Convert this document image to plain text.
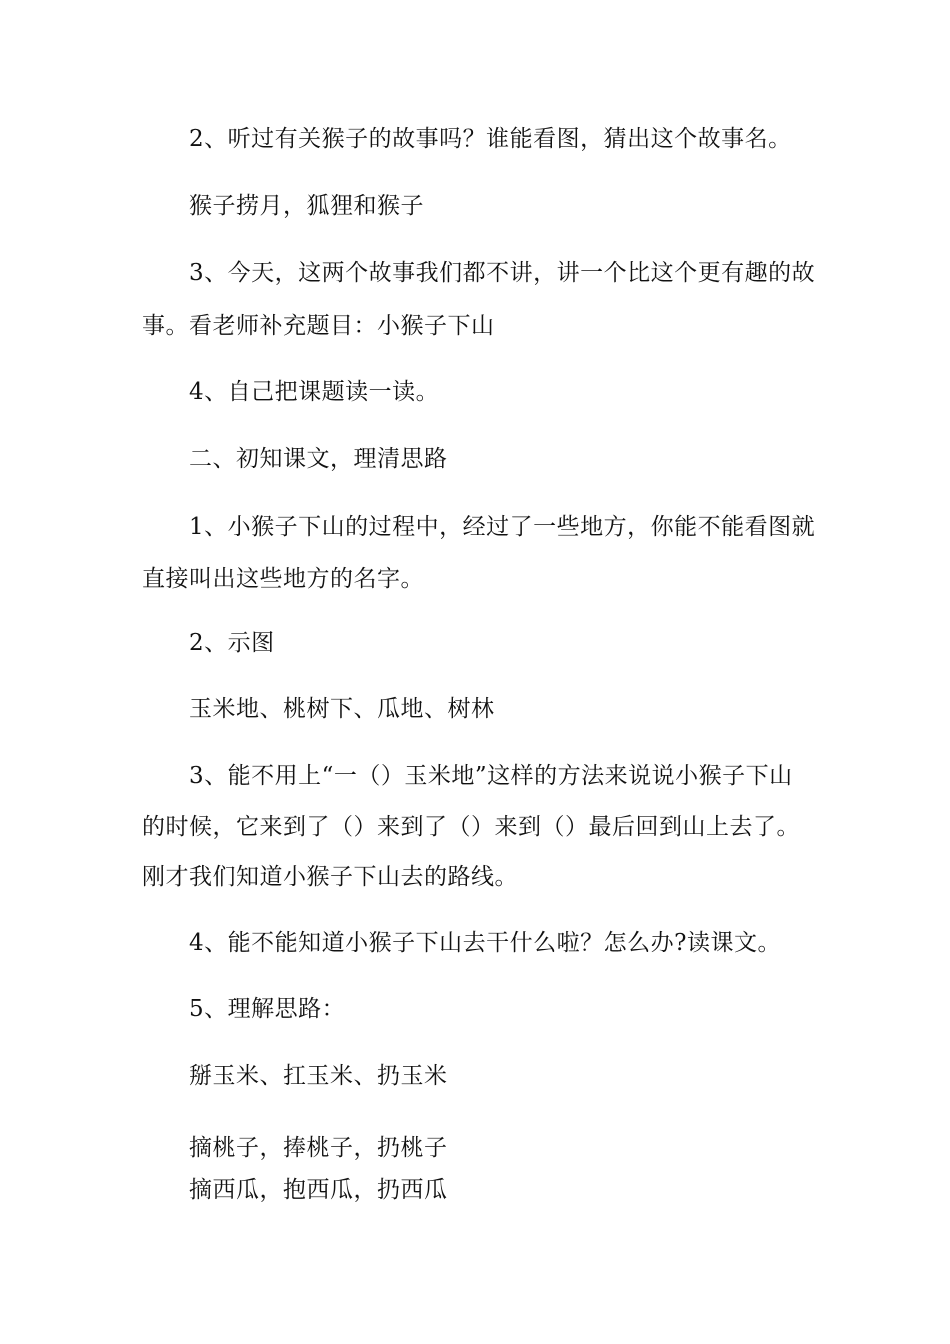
2、听过有关猴子的故事吗？谁能看图，猜出这个故事名。
猴子捞月，狐狸和猴子
3、今天，这两个故事我们都不讲，讲一个比这个更有趣的故
事。看老师补充题目：小猴子下山
4、自己把课题读一读。
二、初知课文，理清思路
1、小猴子下山的过程中，经过了一些地方，你能不能看图就
直接叫出这些地方的名字。
2、示图
玉米地、桃树下、瓜地、树林
3、能不用上“一（）玉米地”这样的方法来说说小猴子下山
的时候，它来到了（）来到了（）来到（）最后回到山上去了。
刚才我们知道小猴子下山去的路线。
4、能不能知道小猴子下山去干什么啦？怎么办?读课文。
5、理解思路：
掰玉米、扛玉米、扔玉米
摘桃子，捧桃子，扔桃子
摘西瓜，抱西瓜，扔西瓜
